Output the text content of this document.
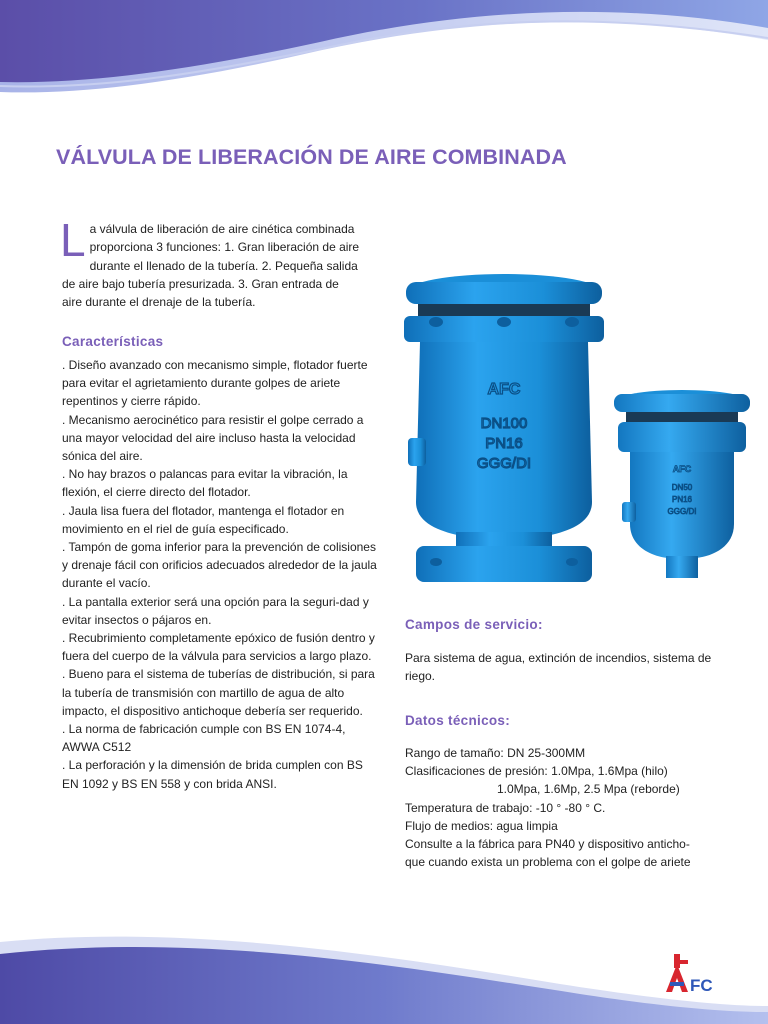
VÁLVULA DE LIBERACIÓN DE AIRE COMBINADA
L a válvula de liberación de aire cinética combinada proporciona 3 funciones: 1. Gran liberación de aire durante el llenado de la tubería. 2. Pequeña salida de aire bajo tubería presurizada. 3. Gran entrada de aire durante el drenaje de la tubería.
Características
. Diseño avanzado con mecanismo simple, flotador fuerte para evitar el agrietamiento durante golpes de ariete repentinos y cierre rápido.
. Mecanismo aerocinético para resistir el golpe cerrado a una mayor velocidad del aire incluso hasta la velocidad sónica del aire.
. No hay brazos o palancas para evitar la vibración, la flexión, el cierre directo del flotador.
. Jaula lisa fuera del flotador, mantenga el flotador en movimiento en el riel de guía especificado.
. Tampón de goma inferior para la prevención de colisiones y drenaje fácil con orificios adecuados alrededor de la jaula durante el vacío.
. La pantalla exterior será una opción para la seguri-dad y evitar insectos o pájaros en.
. Recubrimiento completamente epóxico de fusión dentro y fuera del cuerpo de la válvula para servicios a largo plazo.
. Bueno para el sistema de tuberías de distribución, si para la tubería de transmisión con martillo de agua de alto impacto, el dispositivo antichoque debería ser requerido.
. La norma de fabricación cumple con BS EN 1074-4, AWWA C512
. La perforación y la dimensión de brida cumplen con BS EN 1092 y BS EN 558 y con brida ANSI.
AFC
DN100
PN16
GGG/DI	AFC
DN50
PN16
GGG/DI
Campos de servicio:

Para sistema de agua, extinción de incendios, sistema de riego.

Datos técnicos:
Rango de tamaño: DN 25-300MM
Clasificaciones de presión: 1.0Mpa, 1.6Mpa (hilo)
1.0Mpa, 1.6Mp, 2.5 Mpa (reborde)
Temperatura de trabajo: -10 ° -80 ° C.
Flujo de medios: agua limpia
Consulte a la fábrica para PN40 y dispositivo anticho-
que cuando exista un problema con el golpe de ariete
FC
